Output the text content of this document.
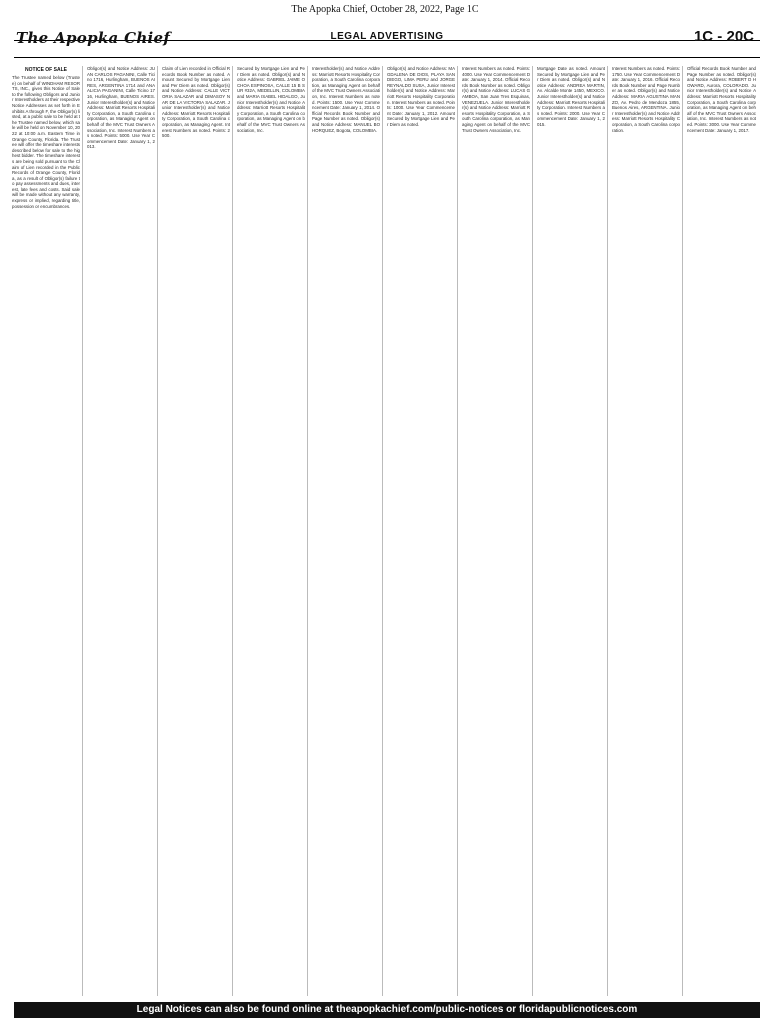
The Apopka Chief, October 28, 2022, Page 1C
The Apopka Chief	LEGAL ADVERTISING	1C - 20C
NOTICE OF SALE
The Trustee named below (Trustee) on behalf of WINDHAM RESORTS, INC., gives this Notice of Sale to the following Obligors and Junior Interestholders at their respective Notice Addresses as set forth in Exhibits A through F, the Obligor(s) listed, at a public sale to be held at the Trustee named below, which sale will be held on November 10, 2022 at 10:00 a.m. Eastern Time in Orange County, Florida. The Trustee will offer the timeshare interests described below for sale to the highest bidder. The timeshare interests are being sold pursuant to the Claim of Lien recorded in the Public Records of Orange County, Florida, as a result of Obligor(s) failure to pay assessments and dues, interest, late fees and costs. Said sale will be made without any warranty, express or implied, regarding title, possession or encumbrances.
Obligor(s) and Notice Address: JUAN CARLOS PAGANINI, Calle Ticino 1716, Hurlingham, BUENOS AIRES, ARGENTINA 1714 and ANA ALICIA PAGANINI, Calle Ticino 1716, Hurlingham, BUENOS AIRES. Junior Interestholder(s) and Notice Address: Marriott Resorts Hospitality Corporation, a South Carolina corporation, as Managing Agent on behalf of the MVC Trust Owners Association, Inc. Interest Numbers as noted. Points: 5000. Use Year Commencement Date: January 1, 2013.
Claim of Lien recorded in Official Records Book Number as noted. Amount Secured by Mortgage Lien and Per Diem as noted. Obligor(s) and Notice Address: CALLE VICTORIA SALAZAR and DIMASOY NAR DE LA VICTORIA SALAZAR. Junior Interestholder(s) and Notice Address: Marriott Resorts Hospitality Corporation, a South Carolina corporation, as Managing Agent. Interest Numbers as noted. Points: 2500.
Secured by Mortgage Lien and Per Diem as noted. Obligor(s) and Notice Address: GABRIEL JAIME OCHOA ESPINOSA, CALLE 15 B SUR #32A, MEDELLIN, COLOMBIA and MARIA ISABEL HIDALGO, Junior Interestholder(s) and Notice Address: Marriott Resorts Hospitality Corporation, a South Carolina corporation, as Managing Agent on behalf of the MVC Trust Owners Association, Inc.
Interestholder(s) and Notice Address: Marriott Resorts Hospitality Corporation, a South Carolina corporation, as Managing Agent on behalf of the MVC Trust Owners Association, Inc. Interest Numbers as noted. Points: 1500. Use Year Commencement Date: January 1, 2014. Official Records Book Number and Page Number as noted. Obligor(s) and Notice Address: MANUEL BOHORQUEZ, Bogota, COLOMBIA.
Obligor(s) and Notice Address: MAGDALENA DE DIOS, PLAYA SAN DIEGO, LIMA PERU and JORGE REYNALDO SUSA, Junior Interestholder(s) and Notice Address: Marriott Resorts Hospitality Corporation. Interest Numbers as noted. Points: 1000. Use Year Commencement Date: January 1, 2012. Amount Secured by Mortgage Lien and Per Diem as noted.
Interest Numbers as noted. Points: 4000. Use Year Commencement Date: January 1, 2014. Official Records Book Number as noted. Obligor(s) and Notice Address: LUCAS GAMBOA, San Juan Tres Esquinas, VENEZUELA. Junior Interestholder(s) and Notice Address: Marriott Resorts Hospitality Corporation, a South Carolina corporation, as Managing Agent on behalf of the MVC Trust Owners Association, Inc.
Mortgage Date as noted. Amount Secured by Mortgage Lien and Per Diem as noted. Obligor(s) and Notice Address: ANDREA MARTIN, Av. Alcalde Monte 1450, MEXICO. Junior Interestholder(s) and Notice Address: Marriott Resorts Hospitality Corporation. Interest Numbers as noted. Points: 2000. Use Year Commencement Date: January 1, 2015.
Interest Numbers as noted. Points: 1750. Use Year Commencement Date: January 1, 2016. Official Records Book Number and Page Number as noted. Obligor(s) and Notice Address: MARIA AGUSTINA MANZO, Av. Pedro de Mendoza 1855, Buenos Aires, ARGENTINA. Junior Interestholder(s) and Notice Address: Marriott Resorts Hospitality Corporation, a South Carolina corporation.
Official Records Book Number and Page Number as noted. Obligor(s) and Notice Address: ROBERT D HOWARD, Aurora, COLORADO. Junior Interestholder(s) and Notice Address: Marriott Resorts Hospitality Corporation, a South Carolina corporation, as Managing Agent on behalf of the MVC Trust Owners Association, Inc. Interest Numbers as noted. Points: 3000. Use Year Commencement Date: January 1, 2017.
Legal Notices can also be found online at theapopkachief.com/public-notices or floridapublicnotices.com
